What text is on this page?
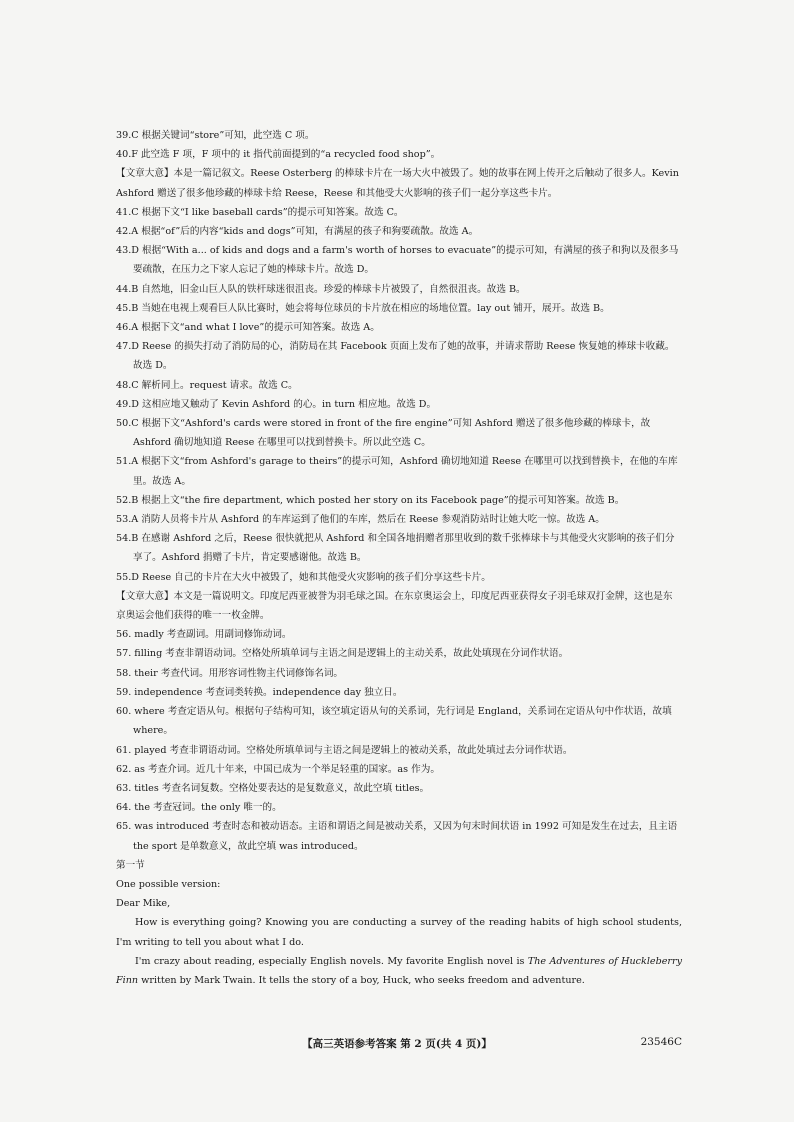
39.C 根据关键词“store”可知，此空选 C 项。
40.F 此空选 F 项，F 项中的 it 指代前面提到的“a recycled food shop”。
【文章大意】本是一篇记叙文。Reese Osterberg 的棒球卡片在一场大火中被毁了。她的故事在网上传开之后触动了很多人。Kevin Ashford 赠送了很多他珍藏的棒球卡给 Reese，Reese 和其他受大火影响的孩子们一起分享这些卡片。
41.C 根据下文“I like baseball cards”的提示可知答案。故选 C。
42.A 根据“of”后的内容“kids and dogs”可知，有满屋的孩子和狗要疏散。故选 A。
43.D 根据“With a... of kids and dogs and a farm's worth of horses to evacuate”的提示可知，有满屋的孩子和狗以及很多马要疏散，在压力之下家人忘记了她的棒球卡片。故选 D。
44.B 自然地，旧金山巨人队的铁杆球迷很沮丧。珍爱的棒球卡片被毁了，自然很沮丧。故选 B。
45.B 当她在电视上观看巨人队比赛时，她会将每位球员的卡片放在相应的场地位置。lay out 铺开，展开。故选 B。
46.A 根据下文“and what I love”的提示可知答案。故选 A。
47.D Reese 的损失打动了消防局的心，消防局在其 Facebook 页面上发布了她的故事，并请求帮助 Reese 恢复她的棒球卡收藏。故选 D。
48.C 解析同上。request 请求。故选 C。
49.D 这相应地又触动了 Kevin Ashford 的心。in turn 相应地。故选 D。
50.C 根据下文“Ashford's cards were stored in front of the fire engine”可知 Ashford 赠送了很多他珍藏的棒球卡，故 Ashford 确切地知道 Reese 在哪里可以找到替换卡。所以此空选 C。
51.A 根据下文“from Ashford's garage to theirs”的提示可知，Ashford 确切地知道 Reese 在哪里可以找到替换卡，在他的车库里。故选 A。
52.B 根据上文“the fire department, which posted her story on its Facebook page”的提示可知答案。故选 B。
53.A 消防人员将卡片从 Ashford 的车库运到了他们的车库，然后在 Reese 参观消防站时让她大吃一惊。故选 A。
54.B 在感谢 Ashford 之后，Reese 很快就把从 Ashford 和全国各地捐赠者那里收到的数千张棒球卡与其他受火灾影响的孩子们分享了。Ashford 捐赠了卡片，肯定要感谢他。故选 B。
55.D Reese 自己的卡片在大火中被毁了，她和其他受火灾影响的孩子们分享这些卡片。
【文章大意】本文是一篇说明文。印度尼西亚被誉为羽毛球之国。在东京奥运会上，印度尼西亚获得女子羽毛球双打金牌，这也是东京奥运会他们获得的唯一一枚金牌。
56. madly 考查副词。用副词修饰动词。
57. filling 考查非谓语动词。空格处所填单词与主语之间是逻辑上的主动关系，故此处填现在分词作状语。
58. their 考查代词。用形容词性物主代词修饰名词。
59. independence 考查词类转换。independence day 独立日。
60. where 考查定语从句。根据句子结构可知，该空填定语从句的关系词，先行词是 England，关系词在定语从句中作状语，故填 where。
61. played 考查非谓语动词。空格处所填单词与主语之间是逻辑上的被动关系，故此处填过去分词作状语。
62. as 考查介词。近几十年来，中国已成为一个举足轻重的国家。as 作为。
63. titles 考查名词复数。空格处要表达的是复数意义，故此空填 titles。
64. the 考查冠词。the only 唯一的。
65. was introduced 考查时态和被动语态。主语和谓语之间是被动关系，又因为句末时间状语 in 1992 可知是发生在过去，且主语 the sport 是单数意义，故此空填 was introduced。
第一节
One possible version:
Dear Mike,
How is everything going? Knowing you are conducting a survey of the reading habits of high school students, I'm writing to tell you about what I do.
I'm crazy about reading, especially English novels. My favorite English novel is The Adventures of Huckleberry Finn written by Mark Twain. It tells the story of a boy, Huck, who seeks freedom and adventure.
【高三英语参考答案 第 2 页(共 4 页)】	23546C
